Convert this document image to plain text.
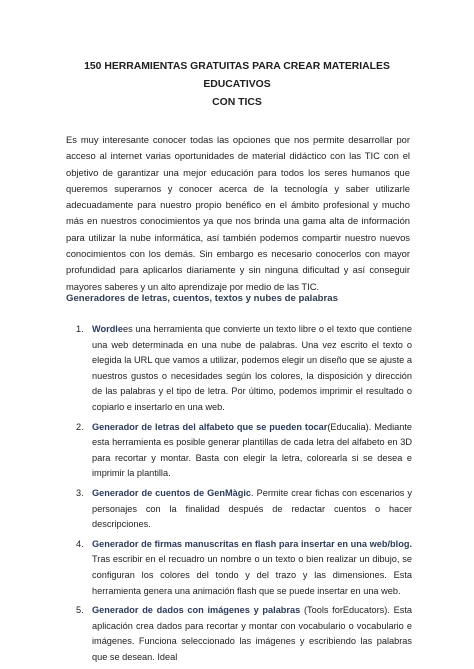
150 HERRAMIENTAS GRATUITAS PARA CREAR MATERIALES EDUCATIVOS
CON TICS

Es muy interesante conocer todas las opciones que nos permite desarrollar por acceso al internet varias oportunidades de material didáctico con las TIC con el objetivo de garantizar una mejor educación para todos los seres humanos que queremos superarnos y conocer acerca de la tecnología y saber utilizarle adecuadamente para nuestro propio benéfico en el ámbito profesional y mucho más en nuestros conocimientos ya que nos brinda una gama alta de información para utilizar la nube informática, así también podemos compartir nuestro nuevos conocimientos con los demás. Sin embargo es necesario conocerlos con mayor profundidad para aplicarlos diariamente y sin ninguna dificultad y así conseguir mayores saberes y un alto aprendizaje por medio de las TIC.

Generadores de letras, cuentos, textos y nubes de palabras
1. Wordlees una herramienta que convierte un texto libre o el texto que contiene una web determinada en una nube de palabras. Una vez escrito el texto o elegida la URL que vamos a utilizar, podemos elegir un diseño que se ajuste a nuestros gustos o necesidades según los colores, la disposición y dirección de las palabras y el tipo de letra. Por último, podemos imprimir el resultado o copiarlo e insertarlo en una web.
2. Generador de letras del alfabeto que se pueden tocar(Educalia). Mediante esta herramienta es posible generar plantillas de cada letra del alfabeto en 3D para recortar y montar. Basta con elegir la letra, colorearla si se desea e imprimir la plantilla.
3. Generador de cuentos de GenMàgic. Permite crear fichas con escenarios y personajes con la finalidad después de redactar cuentos o hacer descripciones.
4. Generador de firmas manuscritas en flash para insertar en una web/blog. Tras escribir en el recuadro un nombre o un texto o bien realizar un dibujo, se configuran los colores del tondo y del trazo y las dimensiones. Esta herramienta genera una animación flash que se puede insertar en una web.
5. Generador de dados con imágenes y palabras (Tools forEducators). Esta aplicación crea dados para recortar y montar con vocabulario o vocabulario e imágenes. Funciona seleccionado las imágenes y escribiendo las palabras que se desean. Ideal
